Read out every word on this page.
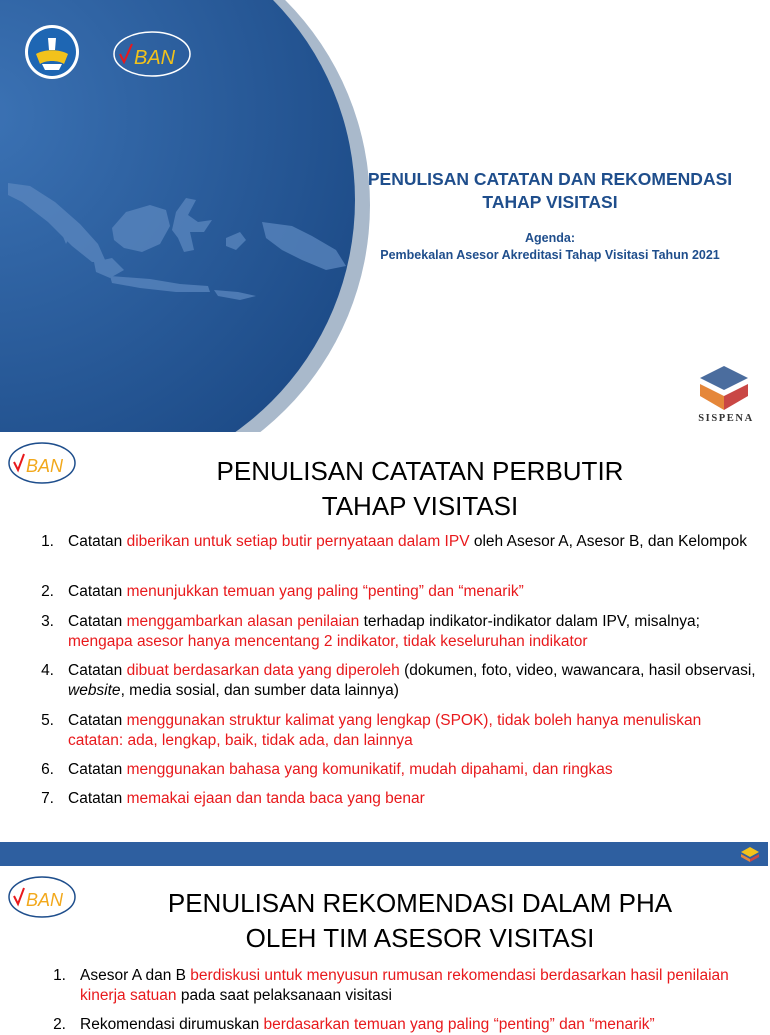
BAN
PENULISAN CATATAN DAN REKOMENDASI
TAHAP VISITASI
Agenda:
Pembekalan Asesor Akreditasi Tahap Visitasi Tahun 2021
SISPENA
BAN	PENULISAN CATATAN PERBUTIR
TAHAP VISITASI
1. Catatan diberikan untuk setiap butir pernyataan dalam IPV oleh Asesor A, Asesor B, dan Kelompok
2. Catatan menunjukkan temuan yang paling “penting” dan “menarik”
3. Catatan menggambarkan alasan penilaian terhadap indikator-indikator dalam IPV, misalnya; mengapa asesor hanya mencentang 2 indikator, tidak keseluruhan indikator
4. Catatan dibuat berdasarkan data yang diperoleh (dokumen, foto, video, wawancara, hasil observasi, website, media sosial, dan sumber data lainnya)
5. Catatan menggunakan struktur kalimat yang lengkap (SPOK), tidak boleh hanya menuliskan catatan: ada, lengkap, baik, tidak ada, dan lainnya
6. Catatan menggunakan bahasa yang komunikatif, mudah dipahami, dan ringkas
7. Catatan memakai ejaan dan tanda baca yang benar
BAN	PENULISAN REKOMENDASI DALAM PHA
OLEH TIM ASESOR VISITASI
1. Asesor A dan B berdiskusi untuk menyusun rumusan rekomendasi berdasarkan hasil penilaian kinerja satuan pada saat pelaksanaan visitasi
2. Rekomendasi dirumuskan berdasarkan temuan yang paling “penting” dan “menarik”
